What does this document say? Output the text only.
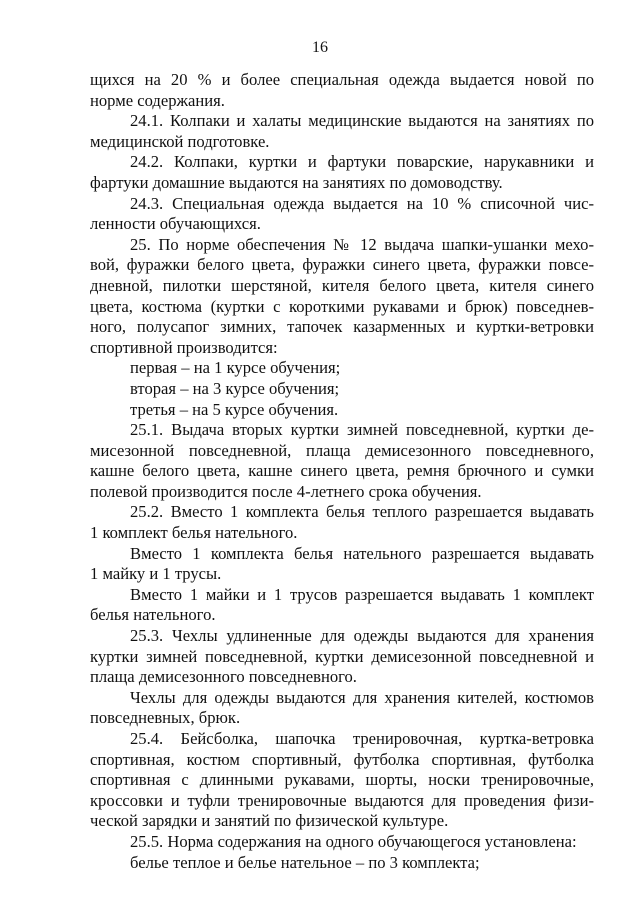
16
щихся на 20 % и более специальная одежда выдается новой по
норме содержания.
24.1. Колпаки и халаты медицинские выдаются на занятиях по
медицинской подготовке.
24.2. Колпаки, куртки и фартуки поварские, нарукавники и
фартуки домашние выдаются на занятиях по домоводству.
24.3. Специальная одежда выдается на 10 % списочной чис-
ленности обучающихся.
25. По норме обеспечения № 12 выдача шапки-ушанки мехо-
вой, фуражки белого цвета, фуражки синего цвета, фуражки повсе-
дневной, пилотки шерстяной, кителя белого цвета, кителя синего
цвета, костюма (куртки с короткими рукавами и брюк) повседнев-
ного, полусапог зимних, тапочек казарменных и куртки-ветровки
спортивной производится:
первая – на 1 курсе обучения;
вторая – на 3 курсе обучения;
третья – на 5 курсе обучения.
25.1. Выдача вторых куртки зимней повседневной, куртки де-
мисезонной повседневной, плаща демисезонного повседневного,
кашне белого цвета, кашне синего цвета, ремня брючного и сумки
полевой производится после 4-летнего срока обучения.
25.2. Вместо 1 комплекта белья теплого разрешается выдавать
1 комплект белья нательного.
Вместо 1 комплекта белья нательного разрешается выдавать
1 майку и 1 трусы.
Вместо 1 майки и 1 трусов разрешается выдавать 1 комплект
белья нательного.
25.3. Чехлы удлиненные для одежды выдаются для хранения
куртки зимней повседневной, куртки демисезонной повседневной и
плаща демисезонного повседневного.
Чехлы для одежды выдаются для хранения кителей, костюмов
повседневных, брюк.
25.4. Бейсболка, шапочка тренировочная, куртка-ветровка
спортивная, костюм спортивный, футболка спортивная, футболка
спортивная с длинными рукавами, шорты, носки тренировочные,
кроссовки и туфли тренировочные выдаются для проведения физи-
ческой зарядки и занятий по физической культуре.
25.5. Норма содержания на одного обучающегося установлена:
белье теплое и белье нательное – по 3 комплекта;
